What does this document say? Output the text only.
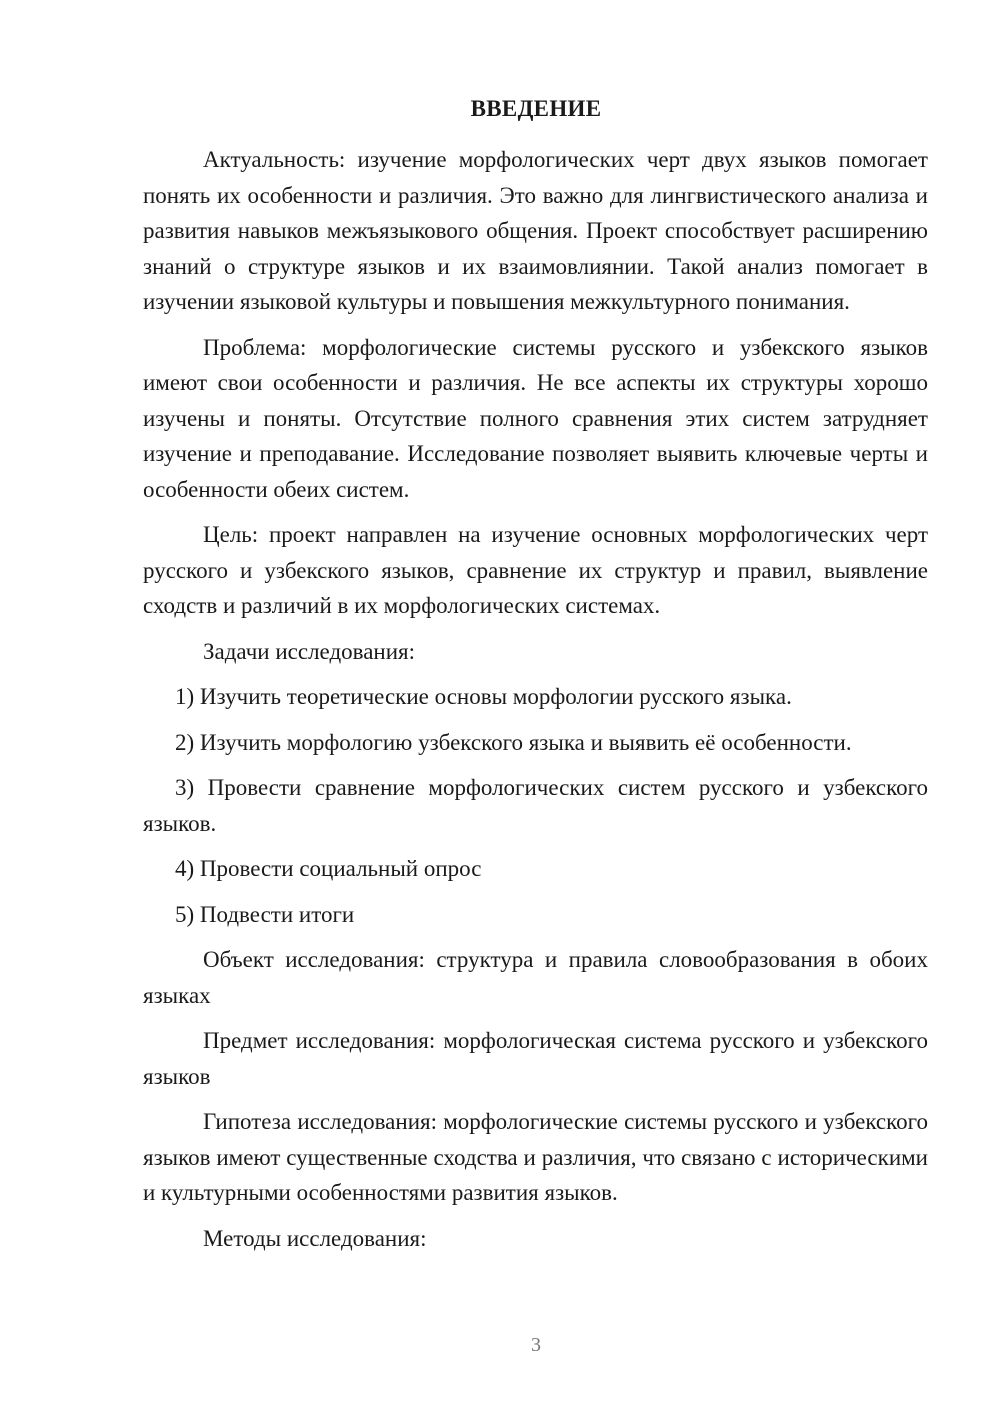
ВВЕДЕНИЕ

Актуальность: изучение морфологических черт двух языков помогает понять их особенности и различия. Это важно для лингвистического анализа и развития навыков межъязыкового общения. Проект способствует расширению знаний о структуре языков и их взаимовлиянии. Такой анализ помогает в изучении языковой культуры и повышения межкультурного понимания.

Проблема: морфологические системы русского и узбекского языков имеют свои особенности и различия. Не все аспекты их структуры хорошо изучены и поняты. Отсутствие полного сравнения этих систем затрудняет изучение и преподавание. Исследование позволяет выявить ключевые черты и особенности обеих систем.

Цель: проект направлен на изучение основных морфологических черт русского и узбекского языков, сравнение их структур и правил, выявление сходств и различий в их морфологических системах.

Задачи исследования:

1) Изучить теоретические основы морфологии русского языка.

2) Изучить морфологию узбекского языка и выявить её особенности.

3) Провести сравнение морфологических систем русского и узбекского языков.

4) Провести социальный опрос

5) Подвести итоги

Объект исследования: структура и правила словообразования в обоих языках

Предмет исследования: морфологическая система русского и узбекского языков

Гипотеза исследования: морфологические системы русского и узбекского языков имеют существенные сходства и различия, что связано с историческими и культурными особенностями развития языков.

Методы исследования:

3
